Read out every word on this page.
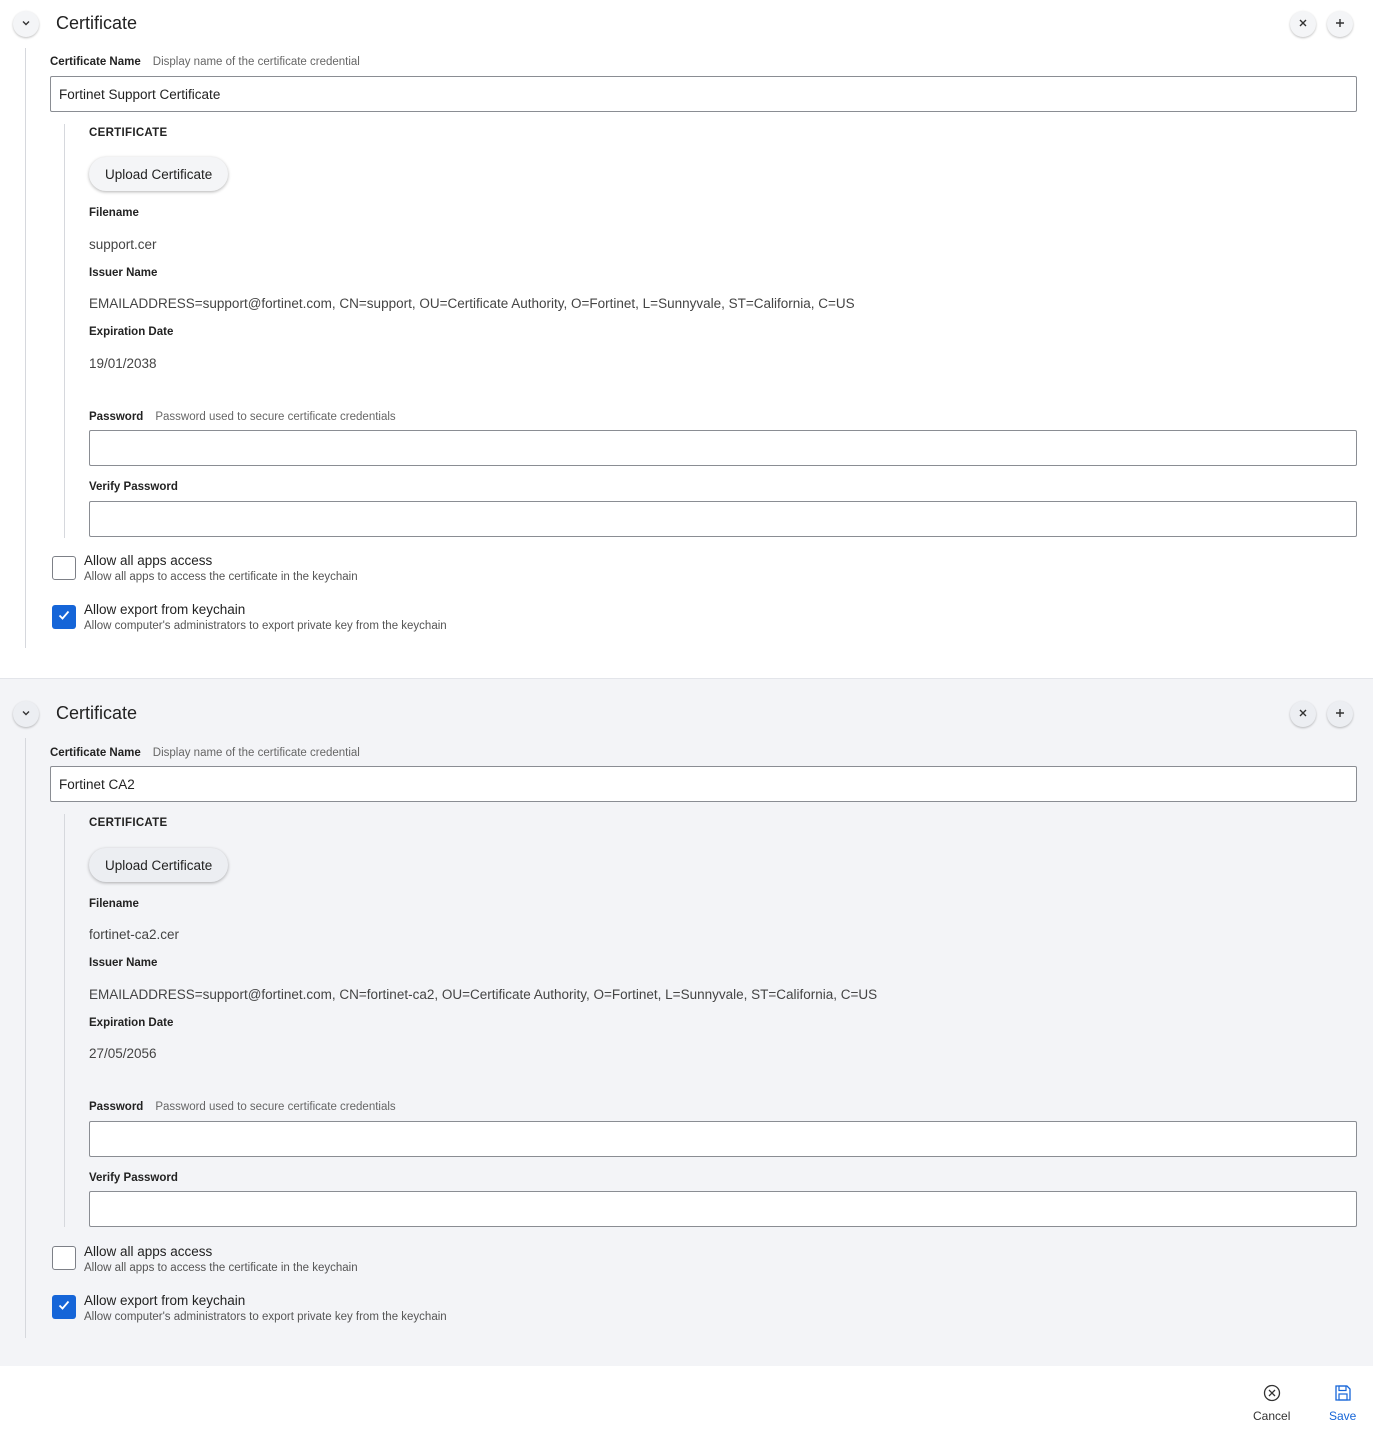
Certificate
Certificate Name Display name of the certificate credential
Fortinet Support Certificate
CERTIFICATE
Upload Certificate
Filename
support.cer
Issuer Name
EMAILADDRESS=support@fortinet.com, CN=support, OU=Certificate Authority, O=Fortinet, L=Sunnyvale, ST=California, C=US
Expiration Date
19/01/2038
Password Password used to secure certificate credentials
Verify Password
Allow all apps access
Allow all apps to access the certificate in the keychain
Allow export from keychain
Allow computer's administrators to export private key from the keychain
Certificate
Certificate Name Display name of the certificate credential
Fortinet CA2
CERTIFICATE
Upload Certificate
Filename
fortinet-ca2.cer
Issuer Name
EMAILADDRESS=support@fortinet.com, CN=fortinet-ca2, OU=Certificate Authority, O=Fortinet, L=Sunnyvale, ST=California, C=US
Expiration Date
27/05/2056
Password Password used to secure certificate credentials
Verify Password
Allow all apps access
Allow all apps to access the certificate in the keychain
Allow export from keychain
Allow computer's administrators to export private key from the keychain
Cancel	Save
